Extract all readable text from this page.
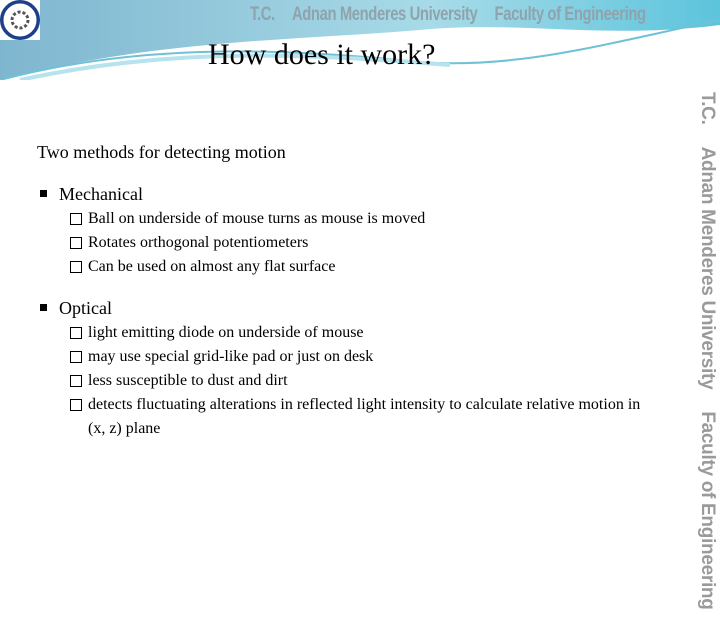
T.C. Adnan Menderes University Faculty of Engineering
How does it work?
T.C.Adnan Menderes UniversityFaculty of Engineering
Two methods for detecting motion
Mechanical
Ball on underside of mouse turns as mouse is moved
Rotates orthogonal potentiometers
Can be used on almost any flat surface
Optical
light emitting diode on underside of mouse
may use special grid-like pad or just on desk
less susceptible to dust and dirt
detects fluctuating alterations in reflected light intensity to calculate relative motion in (x, z) plane
